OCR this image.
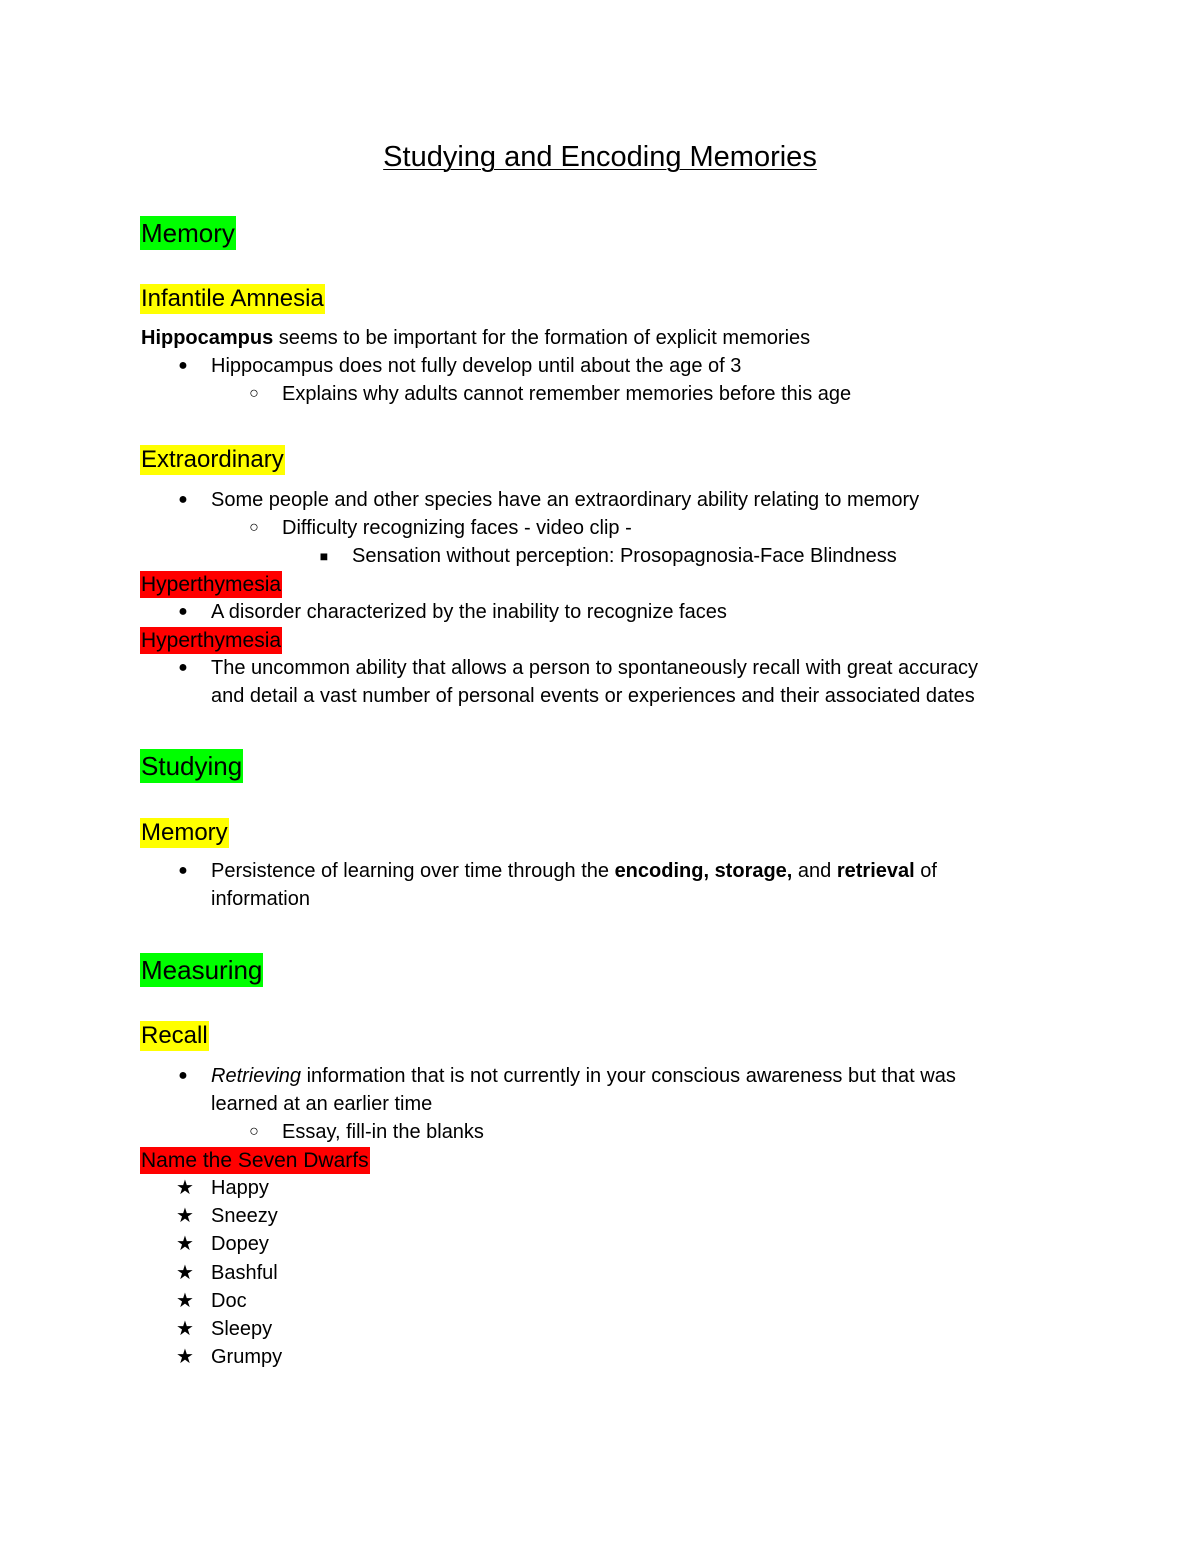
Studying and Encoding Memories
Memory
Infantile Amnesia
Hippocampus seems to be important for the formation of explicit memories
● Hippocampus does not fully develop until about the age of 3
○ Explains why adults cannot remember memories before this age
Extraordinary
● Some people and other species have an extraordinary ability relating to memory
○ Difficulty recognizing faces - video clip -
■ Sensation without perception: Prosopagnosia-Face Blindness
Hyperthymesia
● A disorder characterized by the inability to recognize faces
Hyperthymesia
● The uncommon ability that allows a person to spontaneously recall with great accuracy
and detail a vast number of personal events or experiences and their associated dates
Studying
Memory
● Persistence of learning over time through the encoding, storage, and retrieval of
information
Measuring
Recall
● Retrieving information that is not currently in your conscious awareness but that was
learned at an earlier time
○ Essay, fill-in the blanks
Name the Seven Dwarfs
★ Happy
★ Sneezy
★ Dopey
★ Bashful
★ Doc
★ Sleepy
★ Grumpy
